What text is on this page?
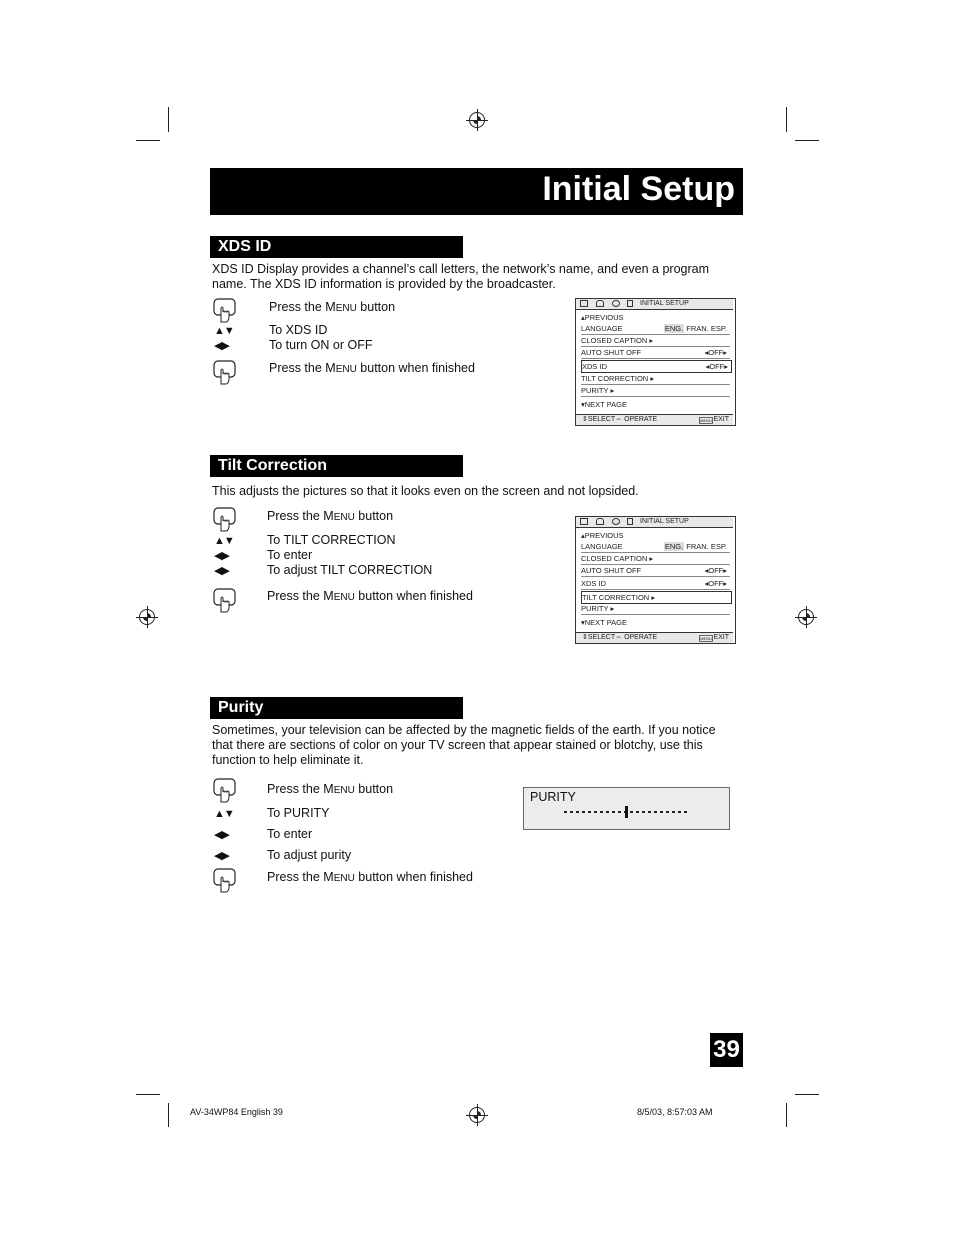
Initial Setup
XDS ID
XDS ID Display provides a channel’s call letters, the network’s name, and even a program name. The XDS ID information is provided by the broadcaster.
Press the MENU button
▲▼	To XDS ID
◀▶	To turn ON or OFF
Press the MENU button when finished
INITIAL SETUP
▴PREVIOUS
LANGUAGE	ENG. FRAN. ESP.
CLOSED CAPTION ▸
AUTO SHUT OFF	◂OFF▸
XDS ID	◂OFF▸
TILT CORRECTION ▸
PURITY ▸
▾NEXT PAGE
⇕SELECT⇔ OPERATE	MENU EXIT
Tilt Correction
This adjusts the pictures so that it looks even on the screen and not lopsided.
Press the MENU button
▲▼	To TILT CORRECTION
◀▶	To enter
◀▶	To adjust TILT CORRECTION
Press the MENU button when finished
INITIAL SETUP
▴PREVIOUS
LANGUAGE	ENG. FRAN. ESP.
CLOSED CAPTION ▸
AUTO SHUT OFF	◂OFF▸
XDS ID	◂OFF▸
TILT CORRECTION ▸
PURITY ▸
▾NEXT PAGE
⇕SELECT⇔ OPERATE	MENU EXIT
Purity
Sometimes, your television can be affected by the magnetic fields of the earth. If you notice that there are sections of color on your TV screen that appear stained or blotchy, use this function to help eliminate it.
Press the MENU button
▲▼	To PURITY
◀▶	To enter
◀▶	To adjust purity
Press the MENU button when finished
PURITY
39
AV-34WP84 English 39	8/5/03, 8:57:03 AM
